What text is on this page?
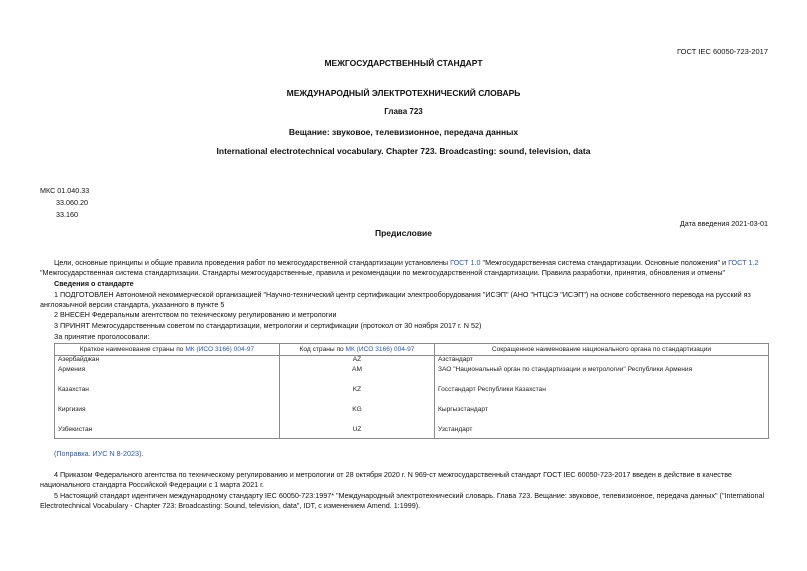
ГОСТ IEC 60050-723-2017
МЕЖГОСУДАРСТВЕННЫЙ СТАНДАРТ
МЕЖДУНАРОДНЫЙ ЭЛЕКТРОТЕХНИЧЕСКИЙ СЛОВАРЬ
Глава 723
Вещание: звуковое, телевизионное, передача данных
International electrotechnical vocabulary. Chapter 723. Broadcasting: sound, television, data
МКС 01.040.33
33.060.20
33.160
Дата введения 2021-03-01
Предисловие
Цели, основные принципы и общие правила проведения работ по межгосударственной стандартизации установлены ГОСТ 1.0 "Межгосударственная система стандартизации. Основные положения" и ГОСТ 1.2
"Межгосударственная система стандартизации. Стандарты межгосударственные, правила и рекомендации по межгосударственной стандартизации. Правила разработки, принятия, обновления и отмены"
Сведения о стандарте
1 ПОДГОТОВЛЕН Автономной некоммерческой организацией "Научно-технический центр сертификации электрооборудования "ИСЭП" (АНО "НТЦСЭ "ИСЭП") на основе собственного перевода на русский яз
англоязычной версии стандарта, указанного в пункте 5
2 ВНЕСЕН Федеральным агентством по техническому регулированию и метрологии
3 ПРИНЯТ Межгосударственным советом по стандартизации, метрологии и сертификации (протокол от 30 ноября 2017 г. N 52)
За принятие проголосовали:
Краткое наименование страны по МК (ИСО 3166) 004-97	Код страны по МК (ИСО 3166) 004-97	Сокращенное наименование национального органа по стандартизации
Азербайджан	AZ	Азстандарт
Армения	AM	ЗАО "Национальный орган по стандартизации и метрологии" Республики Армения
Казахстан	KZ	Госстандарт Республики Казахстан
Киргизия	KG	Кыргызстандарт
Узбекистан	UZ	Узстандарт
(Поправка. ИУС N 8-2023).
4 Приказом Федерального агентства по техническому регулированию и метрологии от 28 октября 2020 г. N 969-ст межгосударственный стандарт ГОСТ IEC 60050-723-2017 введен в действие в качестве
национального стандарта Российской Федерации с 1 марта 2021 г.
5 Настоящий стандарт идентичен международному стандарту IEC 60050-723:1997* "Международный электротехнический словарь. Глава 723. Вещание: звуковое, телевизионное, передача данных" ("International
Electrotechnical Vocabulary - Chapter 723: Broadcasting: Sound, television, data", IDT, с изменением Amend. 1:1999).
